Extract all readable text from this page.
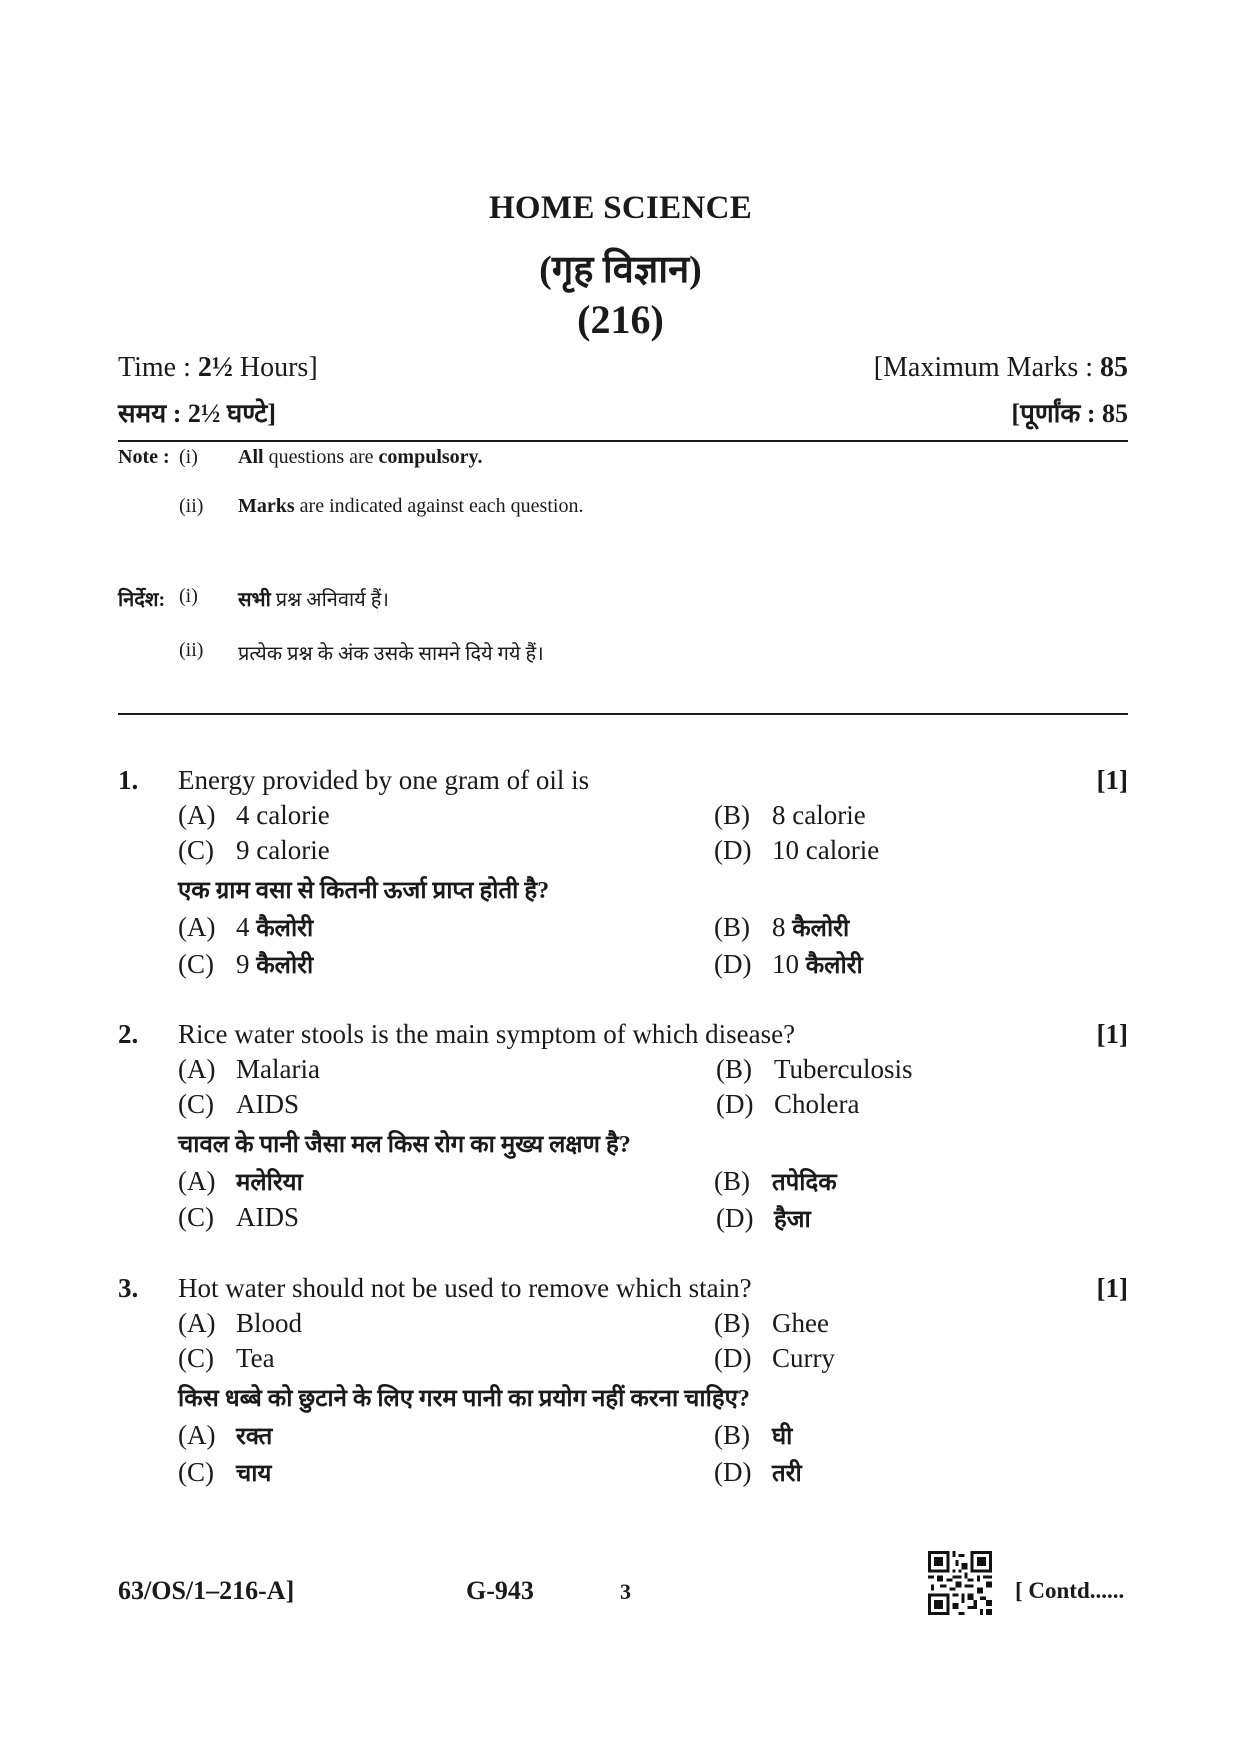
HOME SCIENCE
(गृह विज्ञान)
(216)
Time : 2½ Hours]	[Maximum Marks : 85
समय : 2½ घण्टे]	[पूर्णांक : 85
Note : (i) All questions are compulsory.
(ii) Marks are indicated against each question.
निर्देश: (i) सभी प्रश्न अनिवार्य हैं।
(ii) प्रत्येक प्रश्न के अंक उसके सामने दिये गये हैं।
1. Energy provided by one gram of oil is	[1]
(A) 4 calorie	(B) 8 calorie
(C) 9 calorie	(D) 10 calorie
एक ग्राम वसा से कितनी ऊर्जा प्राप्त होती है?
(A) 4 कैलोरी	(B) 8 कैलोरी
(C) 9 कैलोरी	(D) 10 कैलोरी
2. Rice water stools is the main symptom of which disease?	[1]
(A) Malaria	(B) Tuberculosis
(C) AIDS	(D) Cholera
चावल के पानी जैसा मल किस रोग का मुख्य लक्षण है?
(A) मलेरिया	(B) तपेदिक
(C) AIDS	(D) हैजा
3. Hot water should not be used to remove which stain?	[1]
(A) Blood	(B) Ghee
(C) Tea	(D) Curry
किस धब्बे को छुटाने के लिए गरम पानी का प्रयोग नहीं करना चाहिए?
(A) रक्त	(B) घी
(C) चाय	(D) तरी
63/OS/1–216-A]	G-943	3	[ Contd......
